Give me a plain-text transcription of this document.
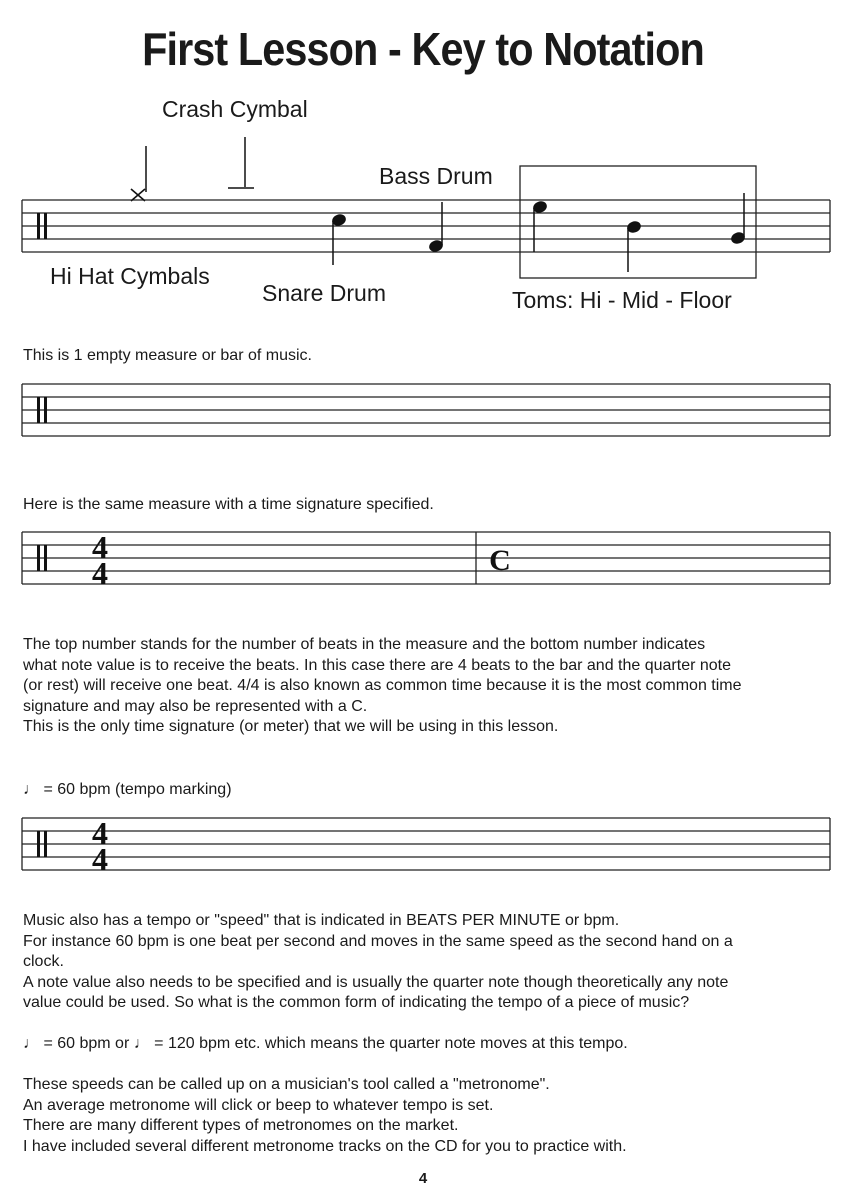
First Lesson - Key to Notation
Crash Cymbal
Bass Drum
Hi Hat Cymbals
Snare Drum	Toms: Hi - Mid - Floor
This is 1 empty measure or bar of music.
Here is the same measure with a time signature specified.
4
4	C
The top number stands for the number of beats in the measure and the bottom number indicates
what note value is to receive the beats. In this case there are 4 beats to the bar and the quarter note
(or rest) will receive one beat. 4/4 is also known as common time because it is the most common time
signature and may also be represented with a C.
This is the only time signature (or meter) that we will be using in this lesson.
♩ = 60 bpm (tempo marking)
4
4
Music also has a tempo or "speed" that is indicated in BEATS PER MINUTE or bpm.
For instance 60 bpm is one beat per second and moves in the same speed as the second hand on a
clock.
A note value also needs to be specified and is usually the quarter note though theoretically any note
value could be used. So what is the common form of indicating the tempo of a piece of music?
♩ = 60 bpm or ♩ = 120 bpm etc. which means the quarter note moves at this tempo.
These speeds can be called up on a musician's tool called a "metronome".
An average metronome will click or beep to whatever tempo is set.
There are many different types of metronomes on the market.
I have included several different metronome tracks on the CD for you to practice with.
4
